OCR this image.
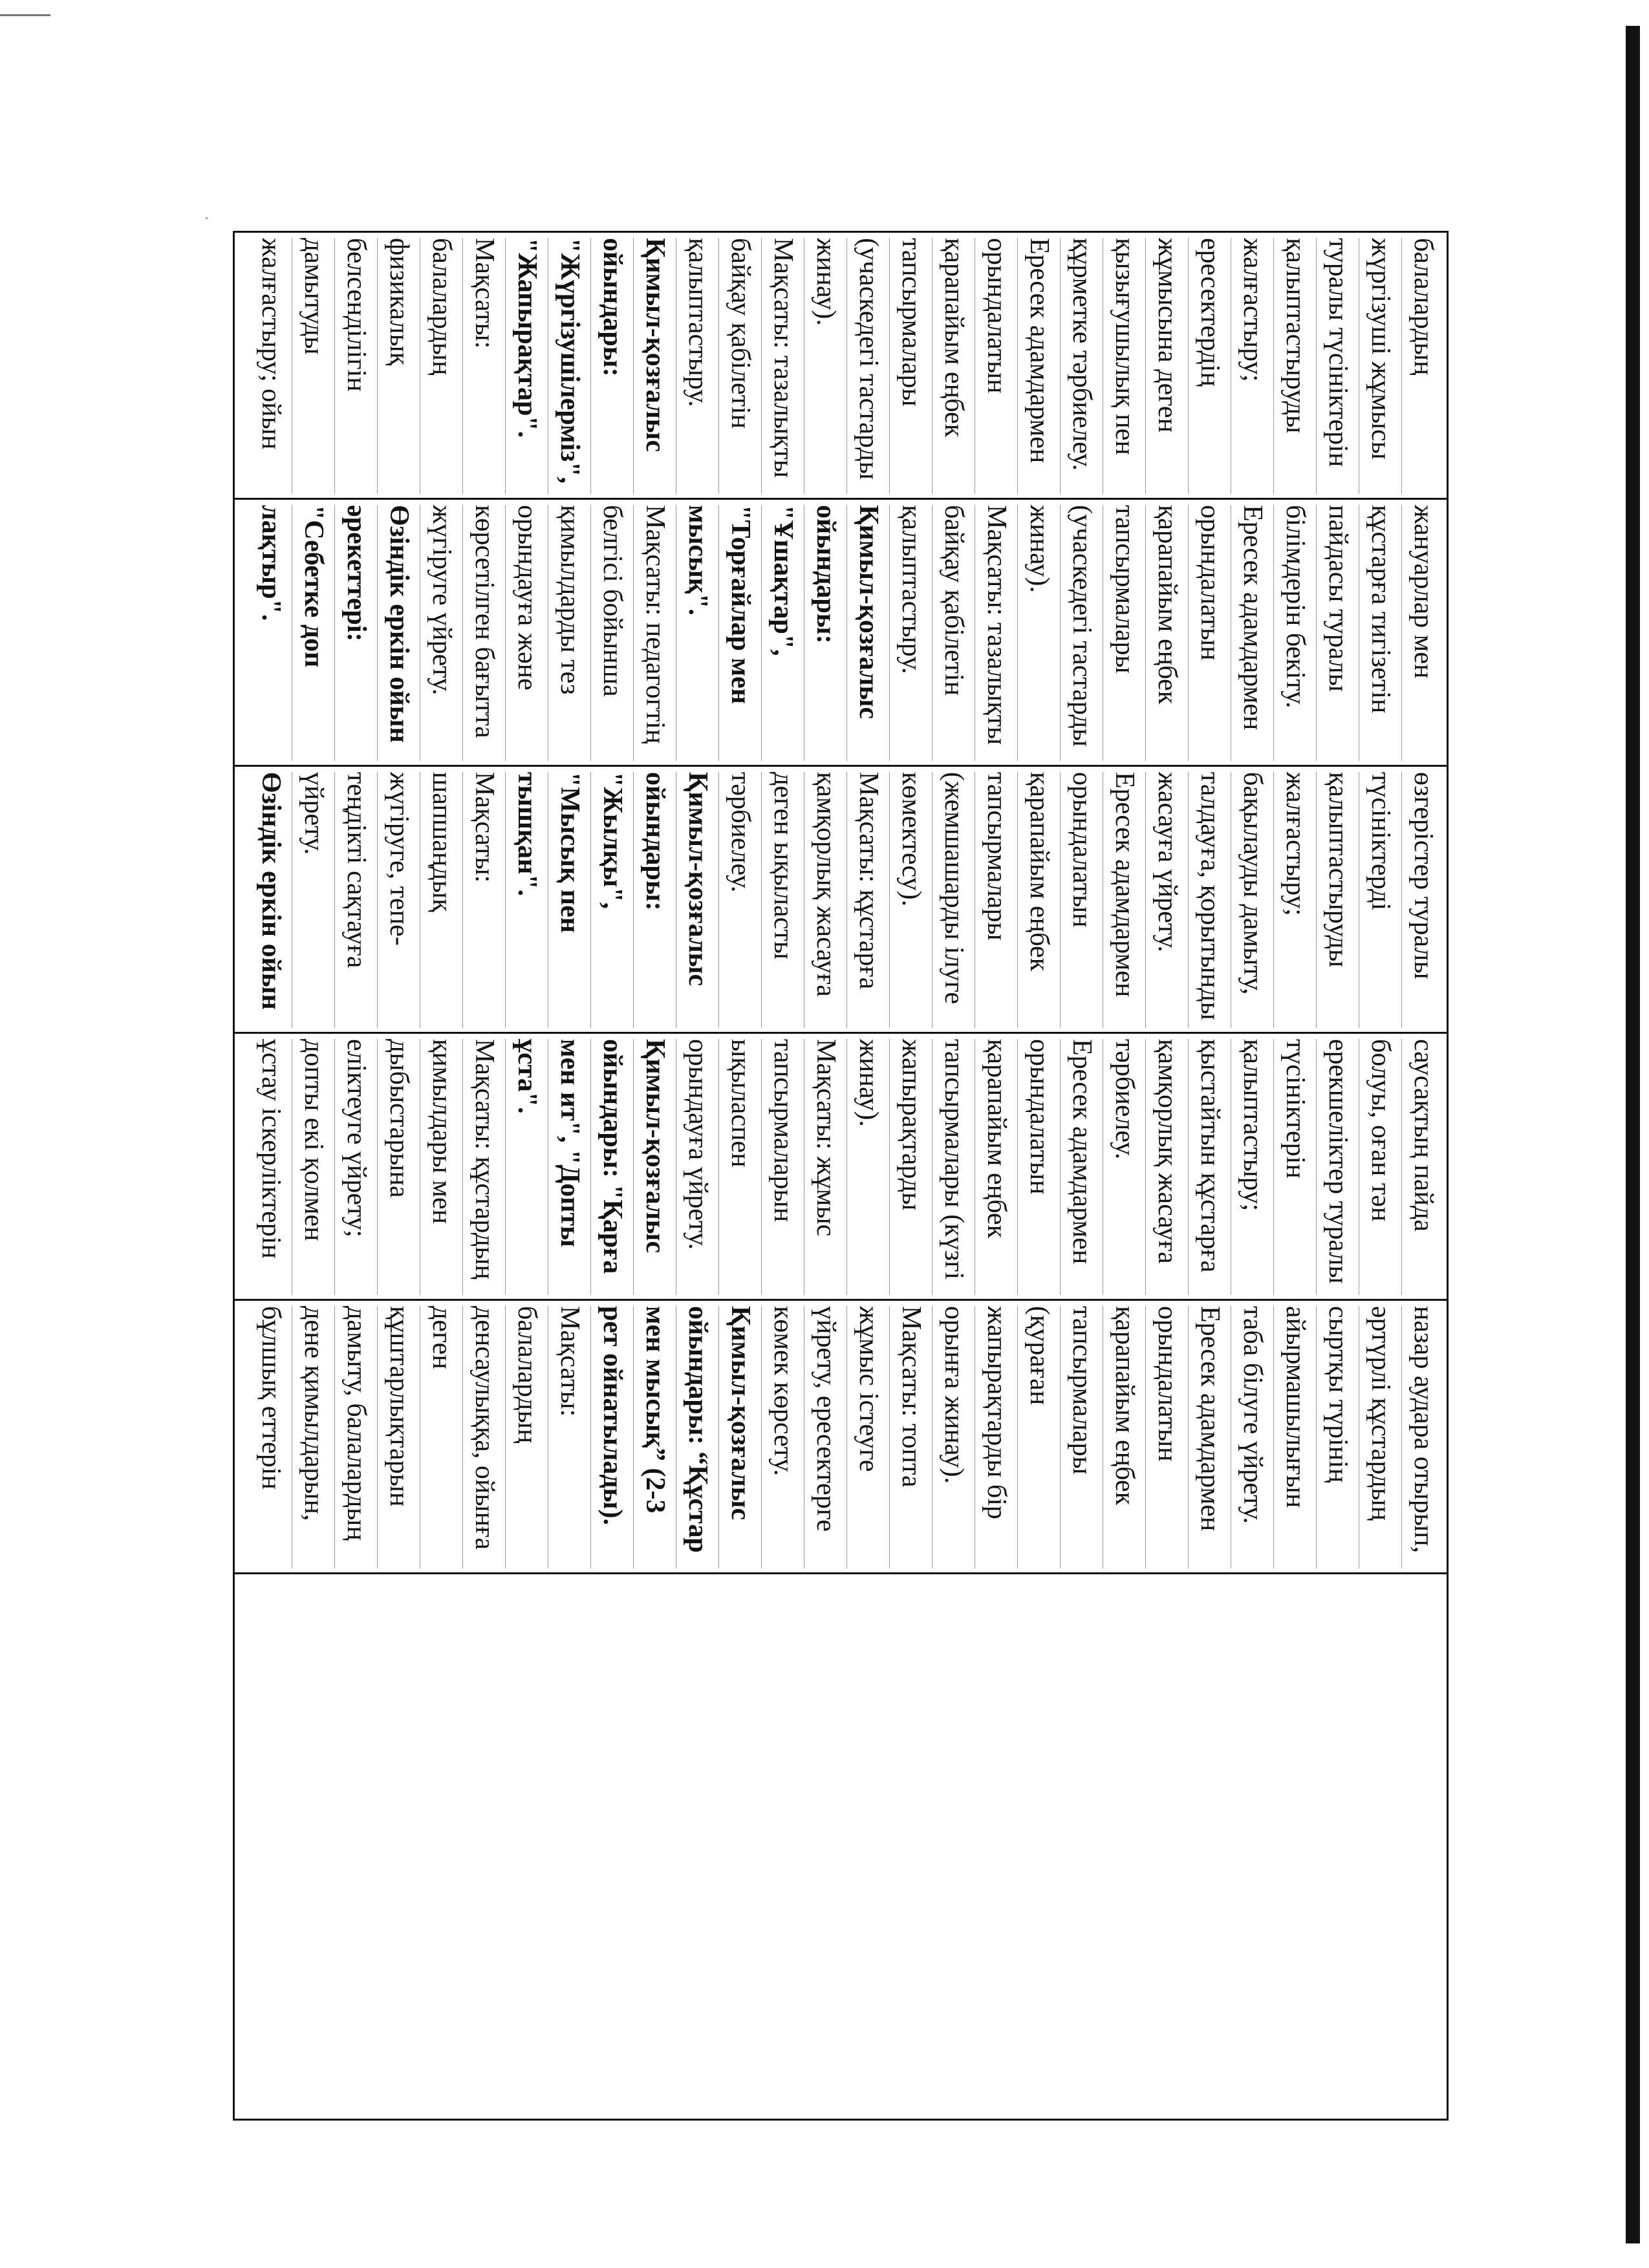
балалардың
жүргізуші жұмысы
туралы түсініктерін
қалыптастыруды
жалғастыру;
ересектердің
жұмысына деген
қызығушылық пен
құрметке тәрбиелеу.
Ересек адамдармен
орындалатын
қарапайым еңбек
тапсырмалары
(учаскедегі тастарды
жинау).
Мақсаты: тазалықты
байқау қабілетін
қалыптастыру.
Қимыл-қозғалыс
ойындары:
"Жүргізушілерміз",
"Жапырақтар".
Мақсаты:
балалардың
физикалық
белсенділігін
дамытуды
жалғастыру; ойын

жануарлар мен
құстарға тигізетін
пайдасы туралы
білімдерін бекіту.
Ересек адамдармен
орындалатын
қарапайым еңбек
тапсырмалары
(учаскедегі тастарды
жинау).
Мақсаты: тазалықты
байқау қабілетін
қалыптастыру.
Қимыл-қозғалыс
ойындары:
"Ұшақтар",
"Торғайлар мен
мысық".
Мақсаты: педагогтің
белгісі бойынша
қимылдарды тез
орындауға және
көрсетілген бағытта
жүгіруге үйрету.
Өзіндік еркін ойын
әрекеттері:
"Себетке доп
лақтыр".

өзгерістер туралы
түсініктерді
қалыптастыруды
жалғастыру;
бақылауды дамыту,
талдауға, қорытынды
жасауға үйрету.
Ересек адамдармен
орындалатын
қарапайым еңбек
тапсырмалары
(жемшашарды ілуге
көмектесу).
Мақсаты: құстарға
қамқорлық жасауға
деген ықыласты
тәрбиелеу.
Қимыл-қозғалыс
ойындары:
"Жылқы",
"Мысық пен
тышқан".
Мақсаты:
шапшаңдық
жүгіруге, тепе-
теңдікті сақтауға
үйрету.
Өзіндік еркін ойын

саусақтың пайда
болуы, оған тән
ерекшеліктер туралы
түсініктерін
қалыптастыру;
қыстайтын құстарға
қамқорлық жасауға
тәрбиелеу.
Ересек адамдармен
орындалатын
қарапайым еңбек
тапсырмалары (күзгі
жапырақтарды
жинау).
Мақсаты: жұмыс
тапсырмаларын
ықыласпен
орындауға үйрету.
Қимыл-қозғалыс
ойындары: "Қарға
мен ит", "Допты
ұста".
Мақсаты: құстардың
қимылдары мен
дыбыстарына
еліктеуге үйрету;
допты екі қолмен
ұстау іскерліктерін

назар аудара отырып,
әртүрлі құстардың
сыртқы түрінің
айырмашылығын
таба білуге үйрету.
Ересек адамдармен
орындалатын
қарапайым еңбек
тапсырмалары
(қураған
жапырақтарды бір
орынға жинау).
Мақсаты: топта
жұмыс істеуге
үйрету, ересектерге
көмек көрсету.
Қимыл-қозғалыс
ойындары: “Құстар
мен мысық” (2-3
рет ойнатылады).
Мақсаты:
балалардың
денсаулыққа, ойынға
деген
құштарлықтарын
дамыту, балалардың
дене қимылдарын,
бұлшық еттерін
